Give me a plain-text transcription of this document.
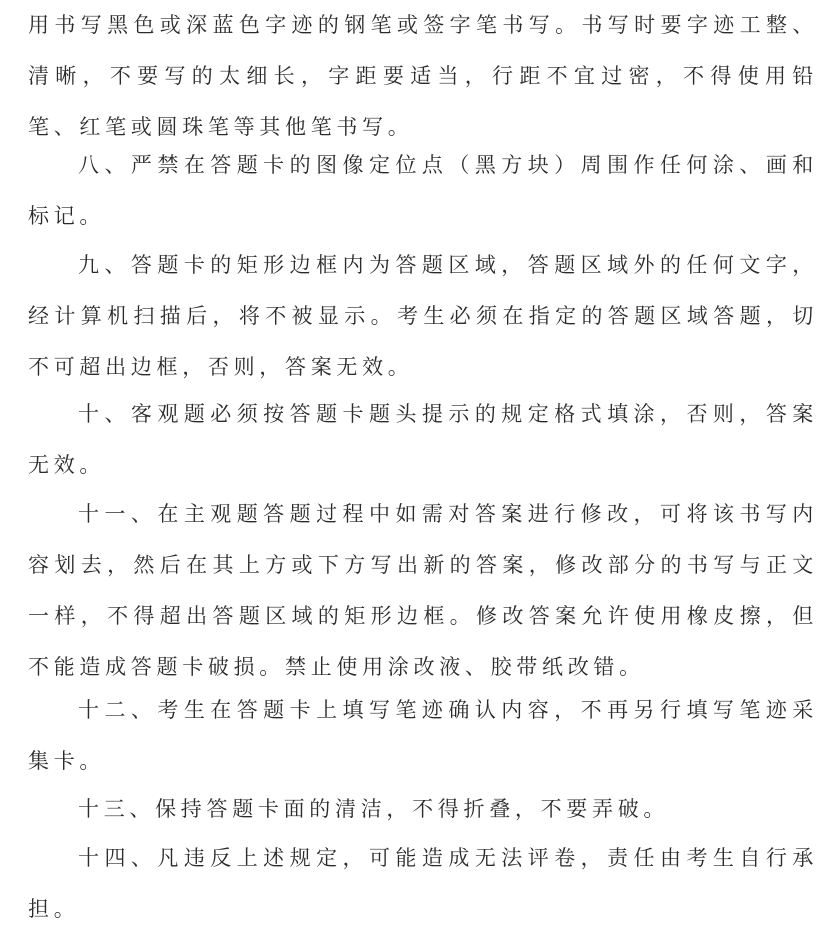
用书写黑色或深蓝色字迹的钢笔或签字笔书写。书写时要字迹工整、清晰，不要写的太细长，字距要适当，行距不宜过密，不得使用铅笔、红笔或圆珠笔等其他笔书写。

八、严禁在答题卡的图像定位点（黑方块）周围作任何涂、画和标记。

九、答题卡的矩形边框内为答题区域，答题区域外的任何文字，经计算机扫描后，将不被显示。考生必须在指定的答题区域答题，切不可超出边框，否则，答案无效。

十、客观题必须按答题卡题头提示的规定格式填涂，否则，答案无效。

十一、在主观题答题过程中如需对答案进行修改，可将该书写内容划去，然后在其上方或下方写出新的答案，修改部分的书写与正文一样，不得超出答题区域的矩形边框。修改答案允许使用橡皮擦，但不能造成答题卡破损。禁止使用涂改液、胶带纸改错。

十二、考生在答题卡上填写笔迹确认内容，不再另行填写笔迹采集卡。

十三、保持答题卡面的清洁，不得折叠，不要弄破。

十四、凡违反上述规定，可能造成无法评卷，责任由考生自行承担。
